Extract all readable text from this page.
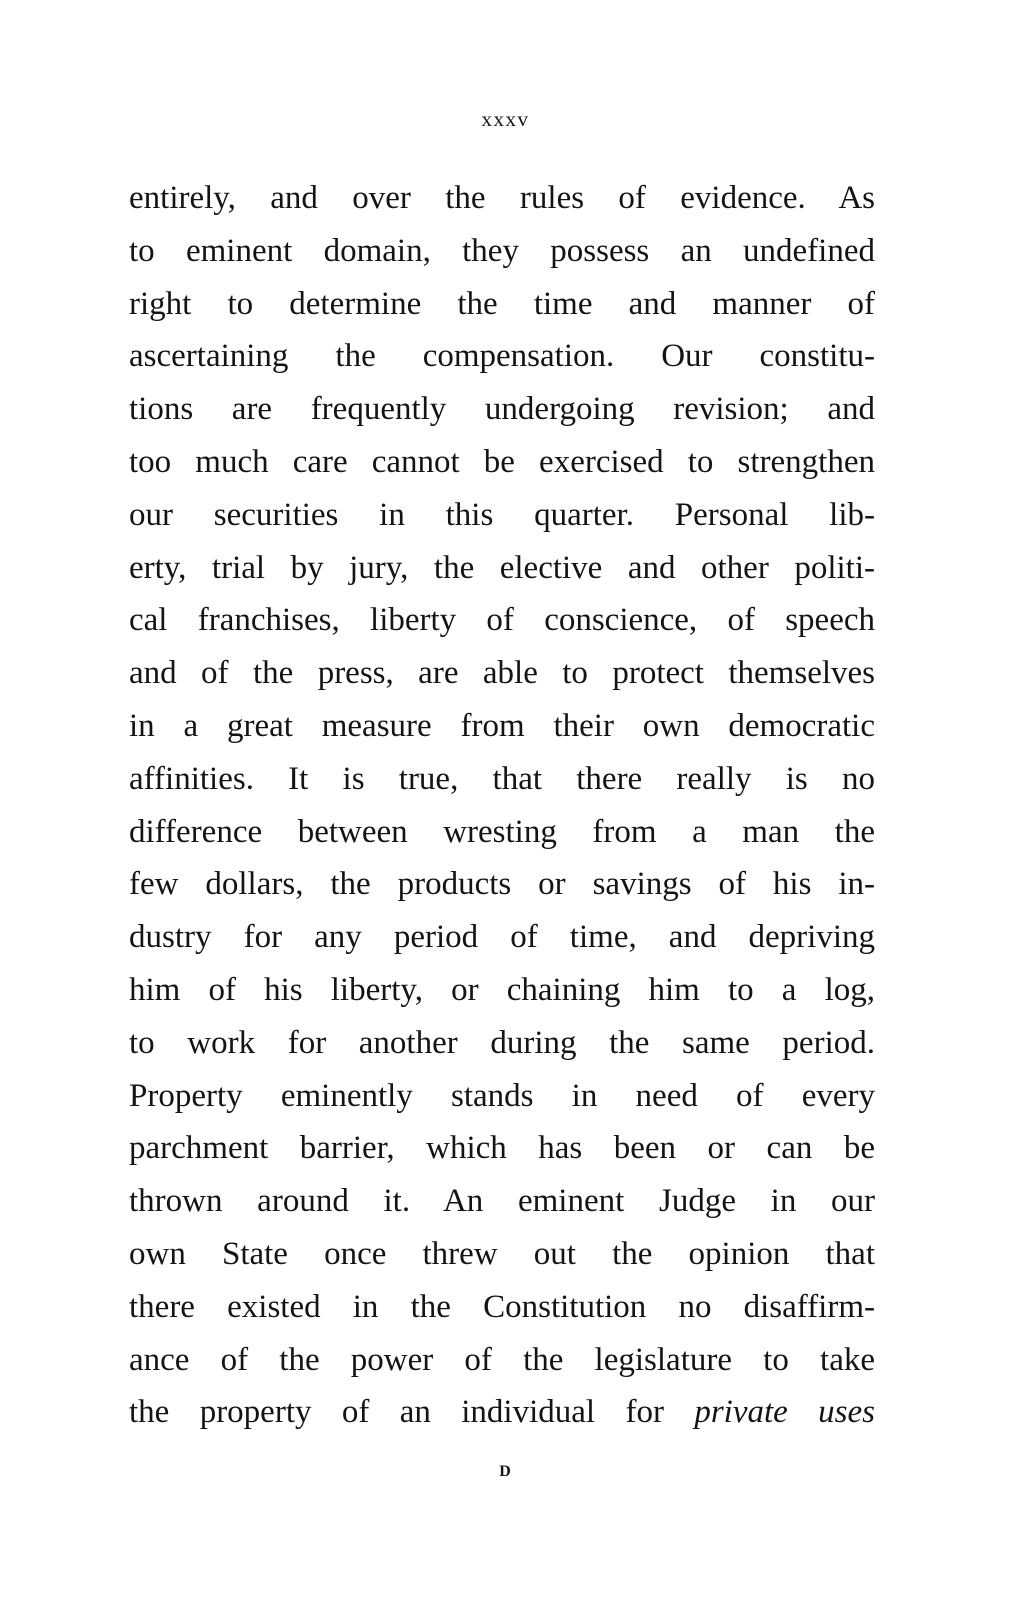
xxxv
entirely, and over the rules of evidence. As
to eminent domain, they possess an undefined
right to determine the time and manner of
ascertaining the compensation. Our constitu-
tions are frequently undergoing revision; and
too much care cannot be exercised to strengthen
our securities in this quarter. Personal lib-
erty, trial by jury, the elective and other politi-
cal franchises, liberty of conscience, of speech
and of the press, are able to protect themselves
in a great measure from their own democratic
affinities. It is true, that there really is no
difference between wresting from a man the
few dollars, the products or savings of his in-
dustry for any period of time, and depriving
him of his liberty, or chaining him to a log,
to work for another during the same period.
Property eminently stands in need of every
parchment barrier, which has been or can be
thrown around it. An eminent Judge in our
own State once threw out the opinion that
there existed in the Constitution no disaffirm-
ance of the power of the legislature to take
the property of an individual for private uses
D
